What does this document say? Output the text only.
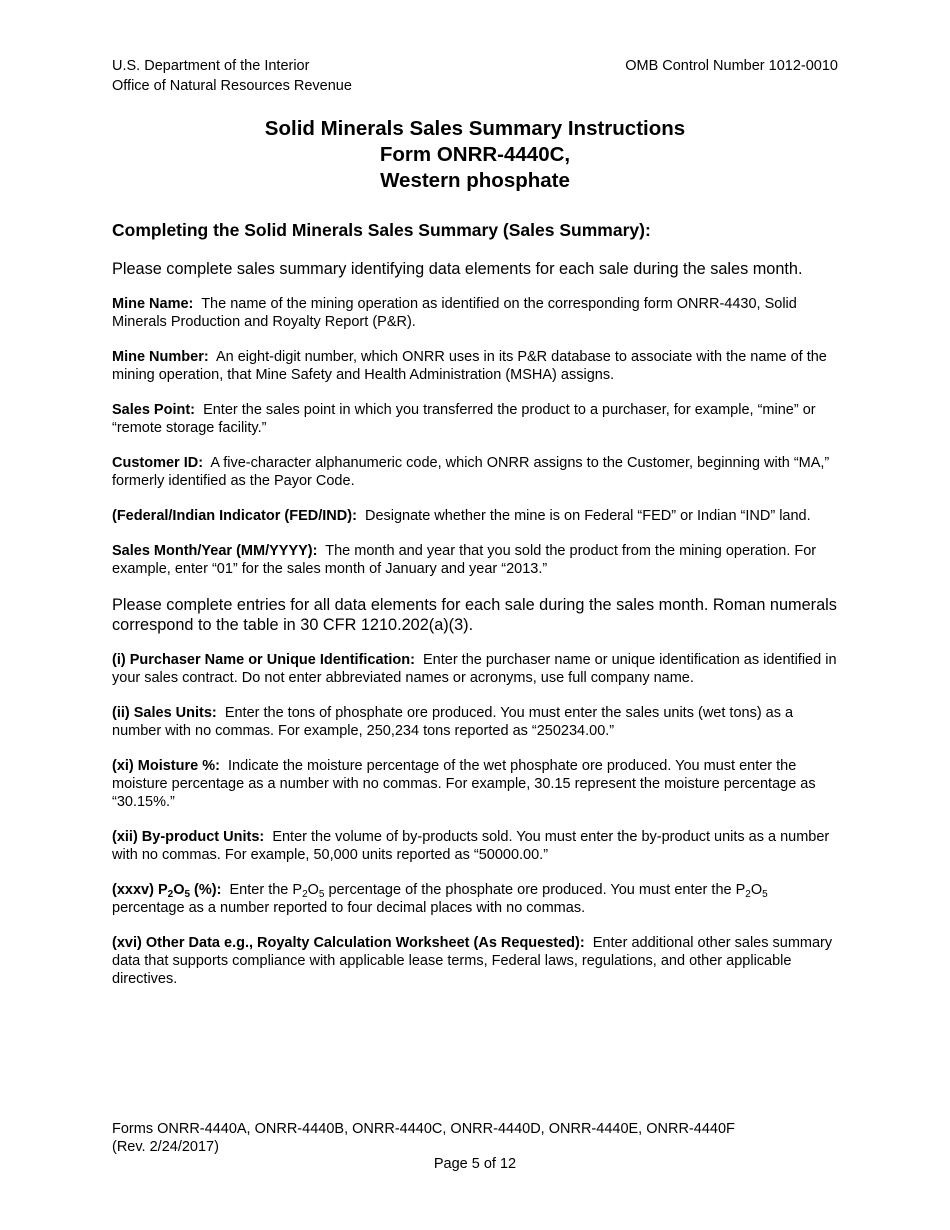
U.S. Department of the Interior
Office of Natural Resources Revenue
OMB Control Number 1012-0010
Solid Minerals Sales Summary Instructions
Form ONRR-4440C,
Western phosphate
Completing the Solid Minerals Sales Summary (Sales Summary):

Please complete sales summary identifying data elements for each sale during the sales month.

Mine Name: The name of the mining operation as identified on the corresponding form ONRR-4430, Solid Minerals Production and Royalty Report (P&R).

Mine Number: An eight-digit number, which ONRR uses in its P&R database to associate with the name of the mining operation, that Mine Safety and Health Administration (MSHA) assigns.

Sales Point: Enter the sales point in which you transferred the product to a purchaser, for example, “mine” or “remote storage facility.”

Customer ID: A five-character alphanumeric code, which ONRR assigns to the Customer, beginning with “MA,” formerly identified as the Payor Code.

(Federal/Indian Indicator (FED/IND): Designate whether the mine is on Federal “FED” or Indian “IND” land.

Sales Month/Year (MM/YYYY): The month and year that you sold the product from the mining operation. For example, enter “01” for the sales month of January and year “2013.”

Please complete entries for all data elements for each sale during the sales month. Roman numerals correspond to the table in 30 CFR 1210.202(a)(3).

(i) Purchaser Name or Unique Identification: Enter the purchaser name or unique identification as identified in your sales contract. Do not enter abbreviated names or acronyms, use full company name.

(ii) Sales Units: Enter the tons of phosphate ore produced. You must enter the sales units (wet tons) as a number with no commas. For example, 250,234 tons reported as “250234.00.”

(xi) Moisture %: Indicate the moisture percentage of the wet phosphate ore produced. You must enter the moisture percentage as a number with no commas. For example, 30.15 represent the moisture percentage as “30.15%.”

(xii) By-product Units: Enter the volume of by-products sold. You must enter the by-product units as a number with no commas. For example, 50,000 units reported as “50000.00.”

(xxxv) $P_2O_5$ (%): Enter the $P_2O_5$ percentage of the phosphate ore produced. You must enter the $P_2O_5$ percentage as a number reported to four decimal places with no commas.

(xvi) Other Data e.g., Royalty Calculation Worksheet (As Requested): Enter additional other sales summary data that supports compliance with applicable lease terms, Federal laws, regulations, and other applicable directives.

Forms ONRR-4440A, ONRR-4440B, ONRR-4440C, ONRR-4440D, ONRR-4440E, ONRR-4440F
(Rev. 2/24/2017)
Page 5 of 12
